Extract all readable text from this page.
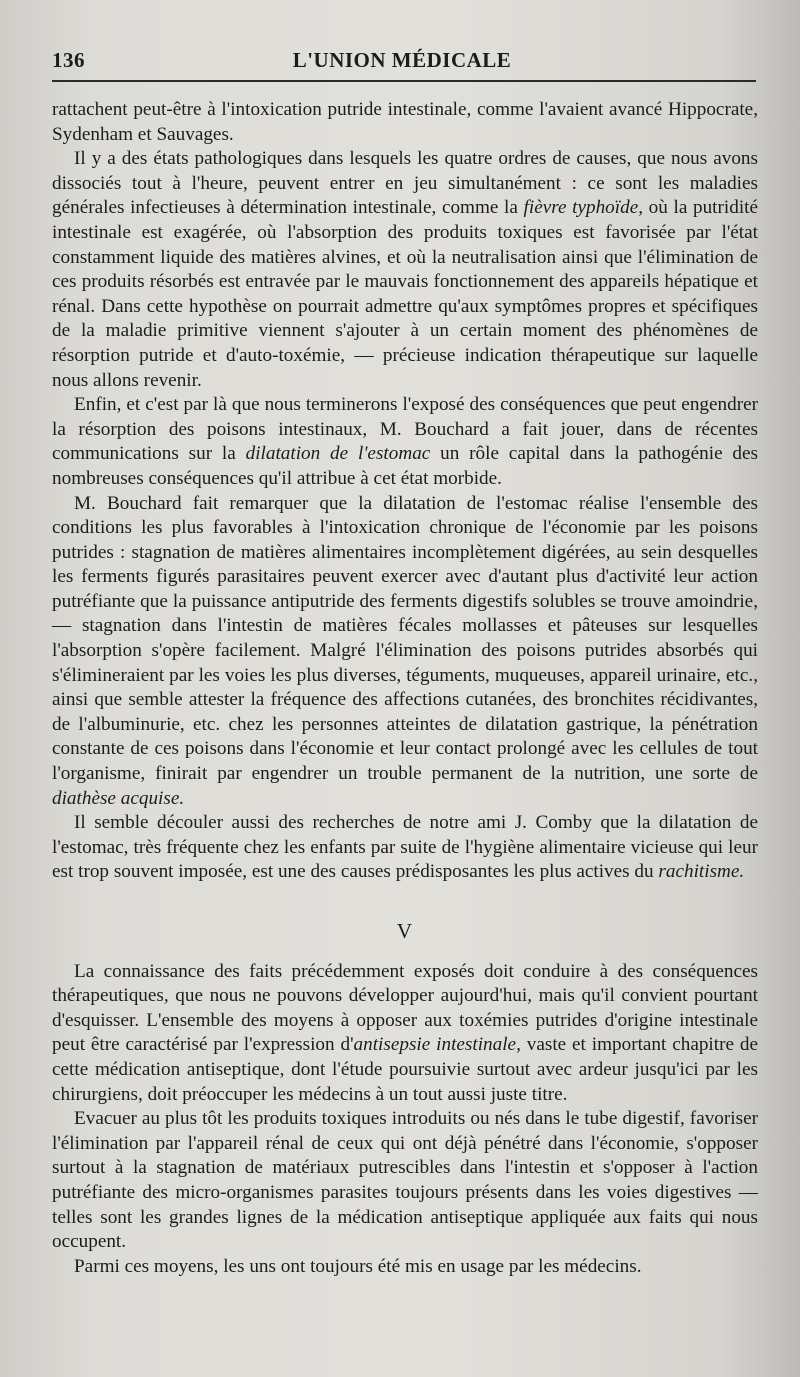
136	L'UNION MÉDICALE

rattachent peut-être à l'intoxication putride intestinale, comme l'avaient avancé Hippocrate, Sydenham et Sauvages.

Il y a des états pathologiques dans lesquels les quatre ordres de causes, que nous avons dissociés tout à l'heure, peuvent entrer en jeu simultanément : ce sont les maladies générales infectieuses à détermination intestinale, comme la fièvre typhoïde, où la putridité intestinale est exagérée, où l'absorption des produits toxiques est favorisée par l'état constamment liquide des matières alvines, et où la neutralisation ainsi que l'élimination de ces produits résorbés est entravée par le mauvais fonctionnement des appareils hépatique et rénal. Dans cette hypothèse on pourrait admettre qu'aux symptômes propres et spécifiques de la maladie primitive viennent s'ajouter à un certain moment des phénomènes de résorption putride et d'auto-toxémie, — précieuse indication thérapeutique sur laquelle nous allons revenir.

Enfin, et c'est par là que nous terminerons l'exposé des conséquences que peut engendrer la résorption des poisons intestinaux, M. Bouchard a fait jouer, dans de récentes communications sur la dilatation de l'estomac un rôle capital dans la pathogénie des nombreuses conséquences qu'il attribue à cet état morbide.

M. Bouchard fait remarquer que la dilatation de l'estomac réalise l'ensemble des conditions les plus favorables à l'intoxication chronique de l'économie par les poisons putrides : stagnation de matières alimentaires incomplètement digérées, au sein desquelles les ferments figurés parasitaires peuvent exercer avec d'autant plus d'activité leur action putréfiante que la puissance antiputride des ferments digestifs solubles se trouve amoindrie, — stagnation dans l'intestin de matières fécales mollasses et pâteuses sur lesquelles l'absorption s'opère facilement. Malgré l'élimination des poisons putrides absorbés qui s'élimineraient par les voies les plus diverses, téguments, muqueuses, appareil urinaire, etc., ainsi que semble attester la fréquence des affections cutanées, des bronchites récidivantes, de l'albuminurie, etc. chez les personnes atteintes de dilatation gastrique, la pénétration constante de ces poisons dans l'économie et leur contact prolongé avec les cellules de tout l'organisme, finirait par engendrer un trouble permanent de la nutrition, une sorte de diathèse acquise.

Il semble découler aussi des recherches de notre ami J. Comby que la dilatation de l'estomac, très fréquente chez les enfants par suite de l'hygiène alimentaire vicieuse qui leur est trop souvent imposée, est une des causes prédisposantes les plus actives du rachitisme.

V

La connaissance des faits précédemment exposés doit conduire à des conséquences thérapeutiques, que nous ne pouvons développer aujourd'hui, mais qu'il convient pourtant d'esquisser. L'ensemble des moyens à opposer aux toxémies putrides d'origine intestinale peut être caractérisé par l'expression d'antisepsie intestinale, vaste et important chapitre de cette médication antiseptique, dont l'étude poursuivie surtout avec ardeur jusqu'ici par les chirurgiens, doit préoccuper les médecins à un tout aussi juste titre.

Evacuer au plus tôt les produits toxiques introduits ou nés dans le tube digestif, favoriser l'élimination par l'appareil rénal de ceux qui ont déjà pénétré dans l'économie, s'opposer surtout à la stagnation de matériaux putrescibles dans l'intestin et s'opposer à l'action putréfiante des micro-organismes parasites toujours présents dans les voies digestives — telles sont les grandes lignes de la médication antiseptique appliquée aux faits qui nous occupent.

Parmi ces moyens, les uns ont toujours été mis en usage par les médecins.
